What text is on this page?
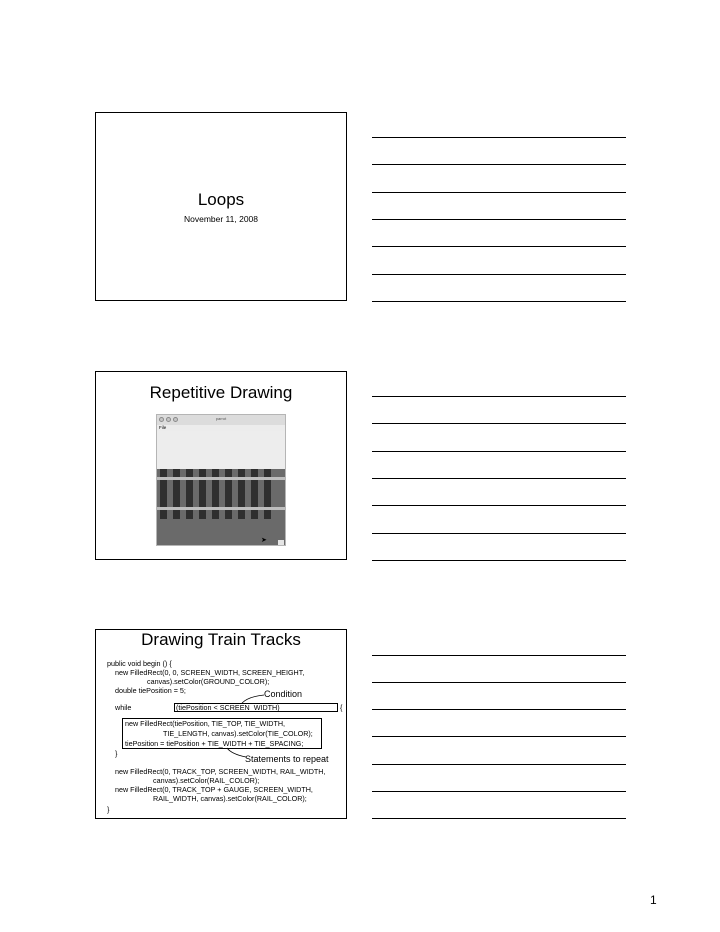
Loops
November 11, 2008
Repetitive Drawing
parrot
File
➤
Drawing Train Tracks
public void begin () {
new FilledRect(0, 0, SCREEN_WIDTH, SCREEN_HEIGHT,
canvas).setColor(GROUND_COLOR);
double tiePosition = 5;	Condition
while	(tiePosition < SCREEN_WIDTH)	{
new FilledRect(tiePosition, TIE_TOP, TIE_WIDTH,
TIE_LENGTH, canvas).setColor(TIE_COLOR);
tiePosition = tiePosition + TIE_WIDTH + TIE_SPACING;
}
Statements to repeat
new FilledRect(0, TRACK_TOP, SCREEN_WIDTH, RAIL_WIDTH,
canvas).setColor(RAIL_COLOR);
new FilledRect(0, TRACK_TOP + GAUGE, SCREEN_WIDTH,
RAIL_WIDTH, canvas).setColor(RAIL_COLOR);
}
1
